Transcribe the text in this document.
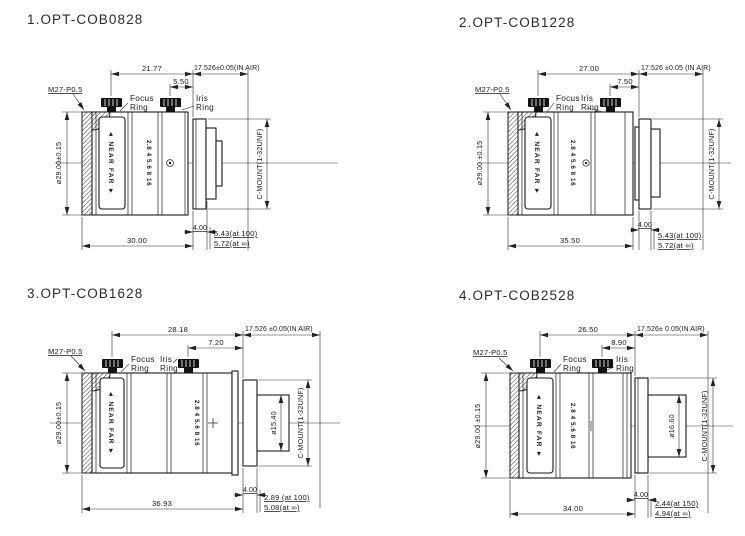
1.OPT-COB0828
◄ NEAR FAR ►	2.8 4 5.6 8 16
M27-P0.5
Focus
Ring
Iris
Ring
21.77
5.50
17.526±0.05(IN AIR)
ø29.00±0.15	C-MOUNT(1-32UNF)
30.00
4.00
5.43(at 100)
5.72(at ∞)
2.OPT-COB1228
◄ NEAR FAR ►	2.8 4 5.6 8 16
M27-P0.5
Focus
Ring
Iris
Ring
27.00
7.50
17.526 ±0.05 (IN AIR)
ø29.00 ±0.15	C-MOUNT(1-32UNF)
35.50
4.00
5.43(at 100)
5.72(at ∞)
3.OPT-COB1628
◄ NEAR FAR ►	2.8 4 5.6 8 16
M27-P0.5
Focus Iris
Ring Ring
28.18
7.20
17.526 ±0.05(IN AIR)
ø29.00±0.15	ø15.40	C-MOUNT(1-32UNF)
36.93
4.00
2.89 (at 100)
5.08(at ∞)
4.OPT-COB2528
◄ NEAR FAR ►	2.8 4 5.6 8 16
M27-P0.5
Focus
Ring
Iris
Ring
26.50
8.90
17.526± 0.05(IN AIR)
ø29.00 ±0.15	ø16.60	C-MOUNT(1-32UNF)
34.00
4.00
2.44(at 150)
4.94(at ∞)
